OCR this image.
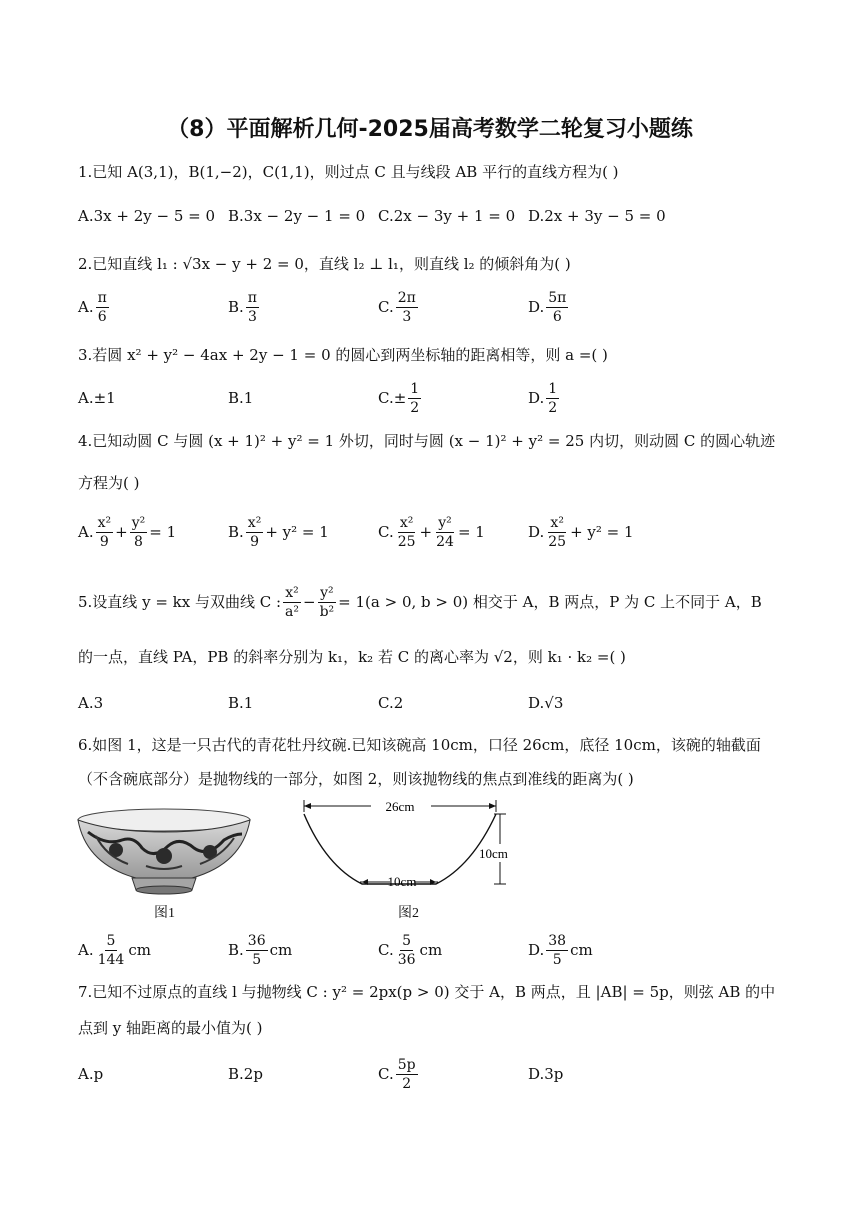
（8）平面解析几何-2025届高考数学二轮复习小题练
1.已知 A(3,1)，B(1,−2)，C(1,1)，则过点 C 且与线段 AB 平行的直线方程为( )
A.3x + 2y − 5 = 0 B.3x − 2y − 1 = 0 C.2x − 3y + 1 = 0 D.2x + 3y − 5 = 0
2.已知直线 l₁ : √3x − y + 2 = 0，直线 l₂ ⊥ l₁，则直线 l₂ 的倾斜角为( )
A. $\frac{\pi}{6}$	B. $\frac{\pi}{3}$	C. $\frac{2\pi}{3}$	D. $\frac{5\pi}{6}$
3.若圆 x² + y² − 4ax + 2y − 1 = 0 的圆心到两坐标轴的距离相等，则 a =( )
A.±1	B.1	$C.\pm \frac{1}{2}$	D. $\frac{1}{2}$
4.已知动圆 C 与圆 (x + 1)² + y² = 1 外切，同时与圆 (x − 1)² + y² = 25 内切，则动圆 C 的圆心轨迹方程为( )
A. $\frac{\text{x²}}{9} + \frac{\text{y²}}{8} = 1$	B. $\frac{\text{x²}}{9} + y^2 = 1$	C. $\frac{\text{x²}}{25} + \frac{\text{y²}}{24} = 1$	D. $\frac{\text{x²}}{25} + y^2 = 1$
5.设直线 y = kx 与双曲线 C : $\frac{\text{x²}}{\text{a²}} - \frac{\text{y²}}{\text{b²}} = 1(a > 0$, b > 0) 相交于 A，B 两点，P 为 C 上不同于 A，B
的一点，直线 PA，PB 的斜率分别为 k₁，k₂ 若 C 的离心率为 √2，则 k₁ · k₂ =( )
A.3	B.1	C.2	D.√3
6.如图 1，这是一只古代的青花牡丹纹碗.已知该碗高 10cm，口径 26cm，底径 10cm，该碗的轴截面（不含碗底部分）是抛物线的一部分，如图 2，则该抛物线的焦点到准线的距离为( )
图1
26cm
10cm
10cm
图2
A. $\frac{5}{144}$ cm	B. $\frac{36}{5}$ cm	C. $\frac{5}{36}$ cm	D. $\frac{38}{5}$ cm
7.已知不过原点的直线 l 与抛物线 C : y² = 2px(p > 0) 交于 A，B 两点，且 |AB| = 5p，则弦 AB 的中点到 y 轴距离的最小值为( )
A.p	B.2p	C. $\frac{5p}{2}$	D.3p
